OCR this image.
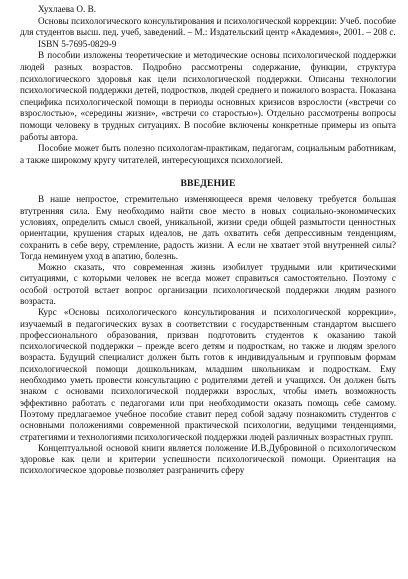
Хухлаева О. В.
Основы психологического консультирования и психологической коррекции: Учеб. пособие для студентов высш. пед. учеб, заведений. – М.: Издательский центр «Академия», 2001. – 208 с.
ISBN 5-7695-0829-9

В пособии изложены теоретические и методические основы психологической поддержки людей разных возрастов. Подробно рассмотрены содержание, функции, структура психологического здоровья как цели психологической поддержки. Описаны технологии психологической поддержки детей, подростков, людей среднего и пожилого возраста. Показана специфика психологической помощи в периоды основных кризисов взрослости («встречи со взрослостью», «середины жизни», «встречи со старостью»). Отдельно рассмотрены вопросы помощи человеку в трудных ситуациях. В пособие включены конкретные примеры из опыта работы автора.

Пособие может быть полезно психологам-практикам, педагогам, социальным работникам, а также широкому кругу читателей, интересующихся психологией.

ВВЕДЕНИЕ

В наше непростое, стремительно изменяющееся время человеку требуется большая втутренняя сила. Ему необходимо найти свое место в новых социально-экономических условиях, определить смысл своей, уникальной, жизни среди общей размытости ценностных ориентации, крушения старых идеалов, не дать охватить себя депрессивным тенденциям, сохранить в себе веру, стремление, радость жизни. А если не хватает этой внутренней силы? Тогда неминуем уход в апатию, болезнь.

Можно сказать, что современная жизнь изобилует трудными или критическими ситуациями, с которыми человек не всегда может справиться самостоятельно. Поэтому с особой остротой встает вопрос организации психологической поддержки людям разного возраста.

Курс «Основы психологического консультирования и психологической коррекции», изучаемый в педагогических вузах в соответствии с государственным стандартом высшего профессионального образования, призван подготовить студентов к оказанию такой психологической поддержки – прежде всего детям и подросткам, но также и людям зрелого возраста. Будущий специалист должен быть готов к индивидуальным и групповым формам психологической помощи дошкольникам, младшим школьникам и подросткам. Ему необходимо уметь провести консультацию с родителями детей и учащихся. Он должен быть знаком с основами психологической поддержки взрослых, чтобы иметь возможность эффективно работать с педагогами или при необходимости оказать помощь себе самому. Поэтому предлагаемое учебное пособие ставит перед собой задачу познакомить студентов с основными положениями современной практической психологии, ведущими тенденциями, стратегиями и технологиями психологической поддержки людей различных возрастных групп.

Концептуальной основой книги является положение И.В.Дубровиной о психологическом здоровье как цели и критерии успешности психологической помощи. Ориентация на психологическое здоровье позволяет разграничить сферу
